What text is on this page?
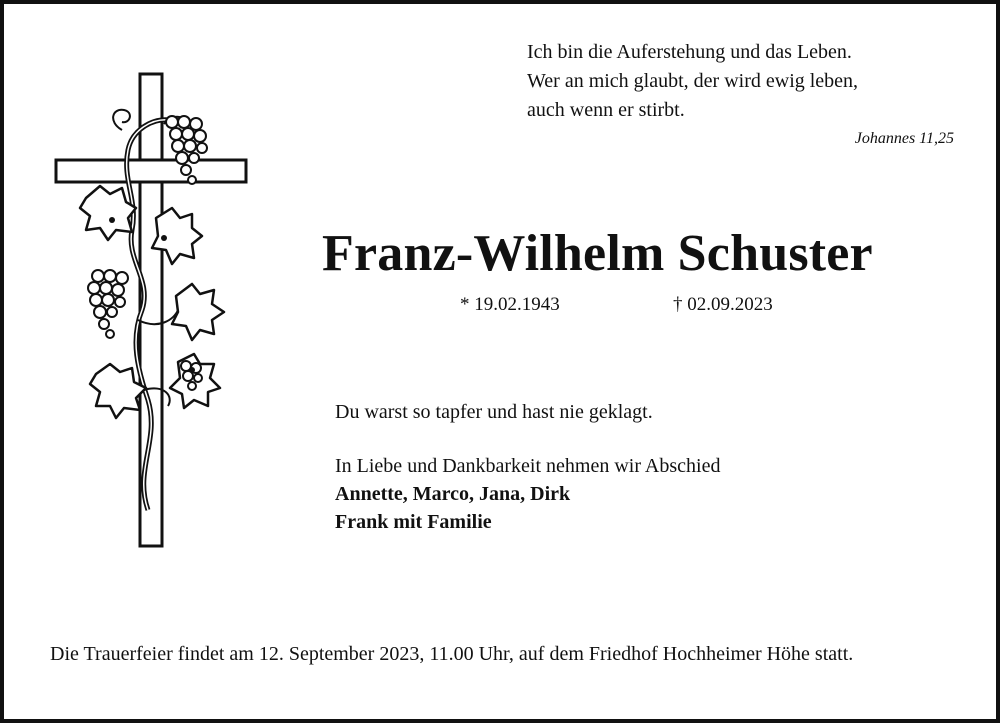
Ich bin die Auferstehung und das Leben.
Wer an mich glaubt, der wird ewig leben,
auch wenn er stirbt.
Johannes 11,25
Franz-Wilhelm Schuster
* 19.02.1943	† 02.09.2023
Du warst so tapfer und hast nie geklagt.
In Liebe und Dankbarkeit nehmen wir Abschied
Annette, Marco, Jana, Dirk
Frank mit Familie
Die Trauerfeier findet am 12. September 2023, 11.00 Uhr, auf dem Friedhof Hochheimer Höhe statt.
